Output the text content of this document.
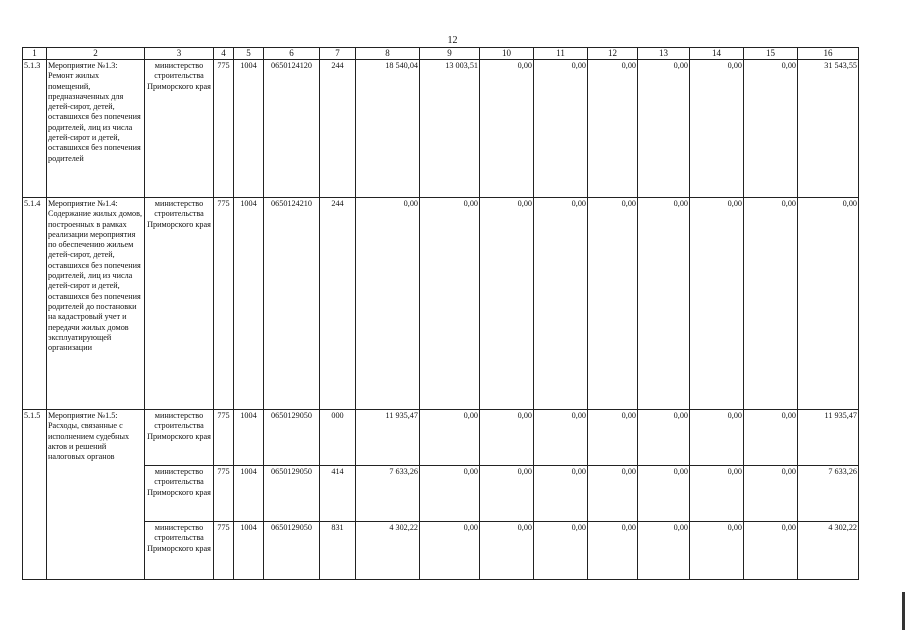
12
1	2	3	4	5	6	7	8	9	10	11	12	13	14	15	16
5.1.3	Мероприятие №1.3: Ремонт жилых помещений, предназначенных для детей-сирот, детей, оставшихся без попечения родителей, лиц из числа детей-сирот и детей, оставшихся без попечения родителей	министерство строительства Приморского края	775	1004	0650124120	244	18 540,04	13 003,51	0,00	0,00	0,00	0,00	0,00	0,00	31 543,55
5.1.4	Мероприятие №1.4: Содержание жилых домов, построенных в рамках реализации мероприятия по обеспечению жильем детей-сирот, детей, оставшихся без попечения родителей, лиц из числа детей-сирот и детей, оставшихся без попечения родителей до постановки на кадастровый учет и передачи жилых домов эксплуатирующей организации	министерство строительства Приморского края	775	1004	0650124210	244	0,00	0,00	0,00	0,00	0,00	0,00	0,00	0,00	0,00
5.1.5	Мероприятие №1.5: Расходы, связанные с исполнением судебных актов и решений налоговых органов	министерство строительства Приморского края	775	1004	0650129050	000	11 935,47	0,00	0,00	0,00	0,00	0,00	0,00	0,00	11 935,47
		министерство строительства Приморского края	775	1004	0650129050	414	7 633,26	0,00	0,00	0,00	0,00	0,00	0,00	0,00	7 633,26
		министерство строительства Приморского края	775	1004	0650129050	831	4 302,22	0,00	0,00	0,00	0,00	0,00	0,00	0,00	4 302,22
